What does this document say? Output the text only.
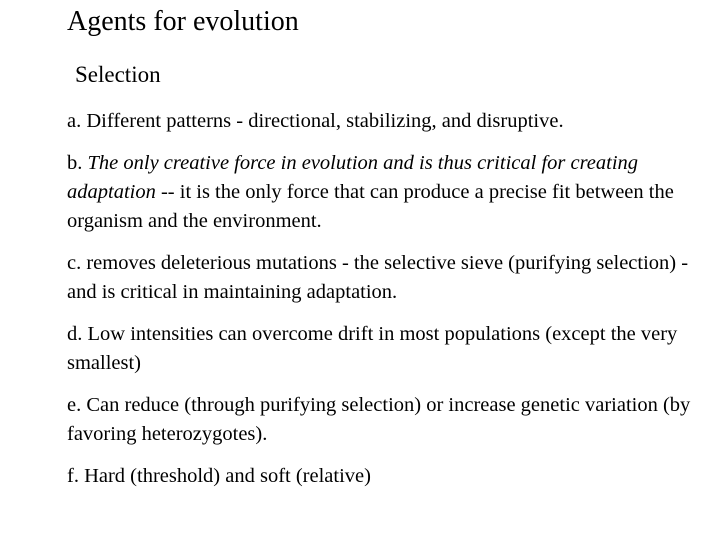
Agents for evolution
Selection
a. Different patterns - directional, stabilizing, and disruptive.
b. The only creative force in evolution and is thus critical for creating adaptation -- it is the only force that can produce a precise fit between the organism and the environment.
c. removes deleterious mutations - the selective sieve (purifying selection) - and is critical in maintaining adaptation.
d. Low intensities can overcome drift in most populations (except the very smallest)
e. Can reduce (through purifying selection) or increase genetic variation (by favoring heterozygotes).
f. Hard (threshold) and soft (relative)
